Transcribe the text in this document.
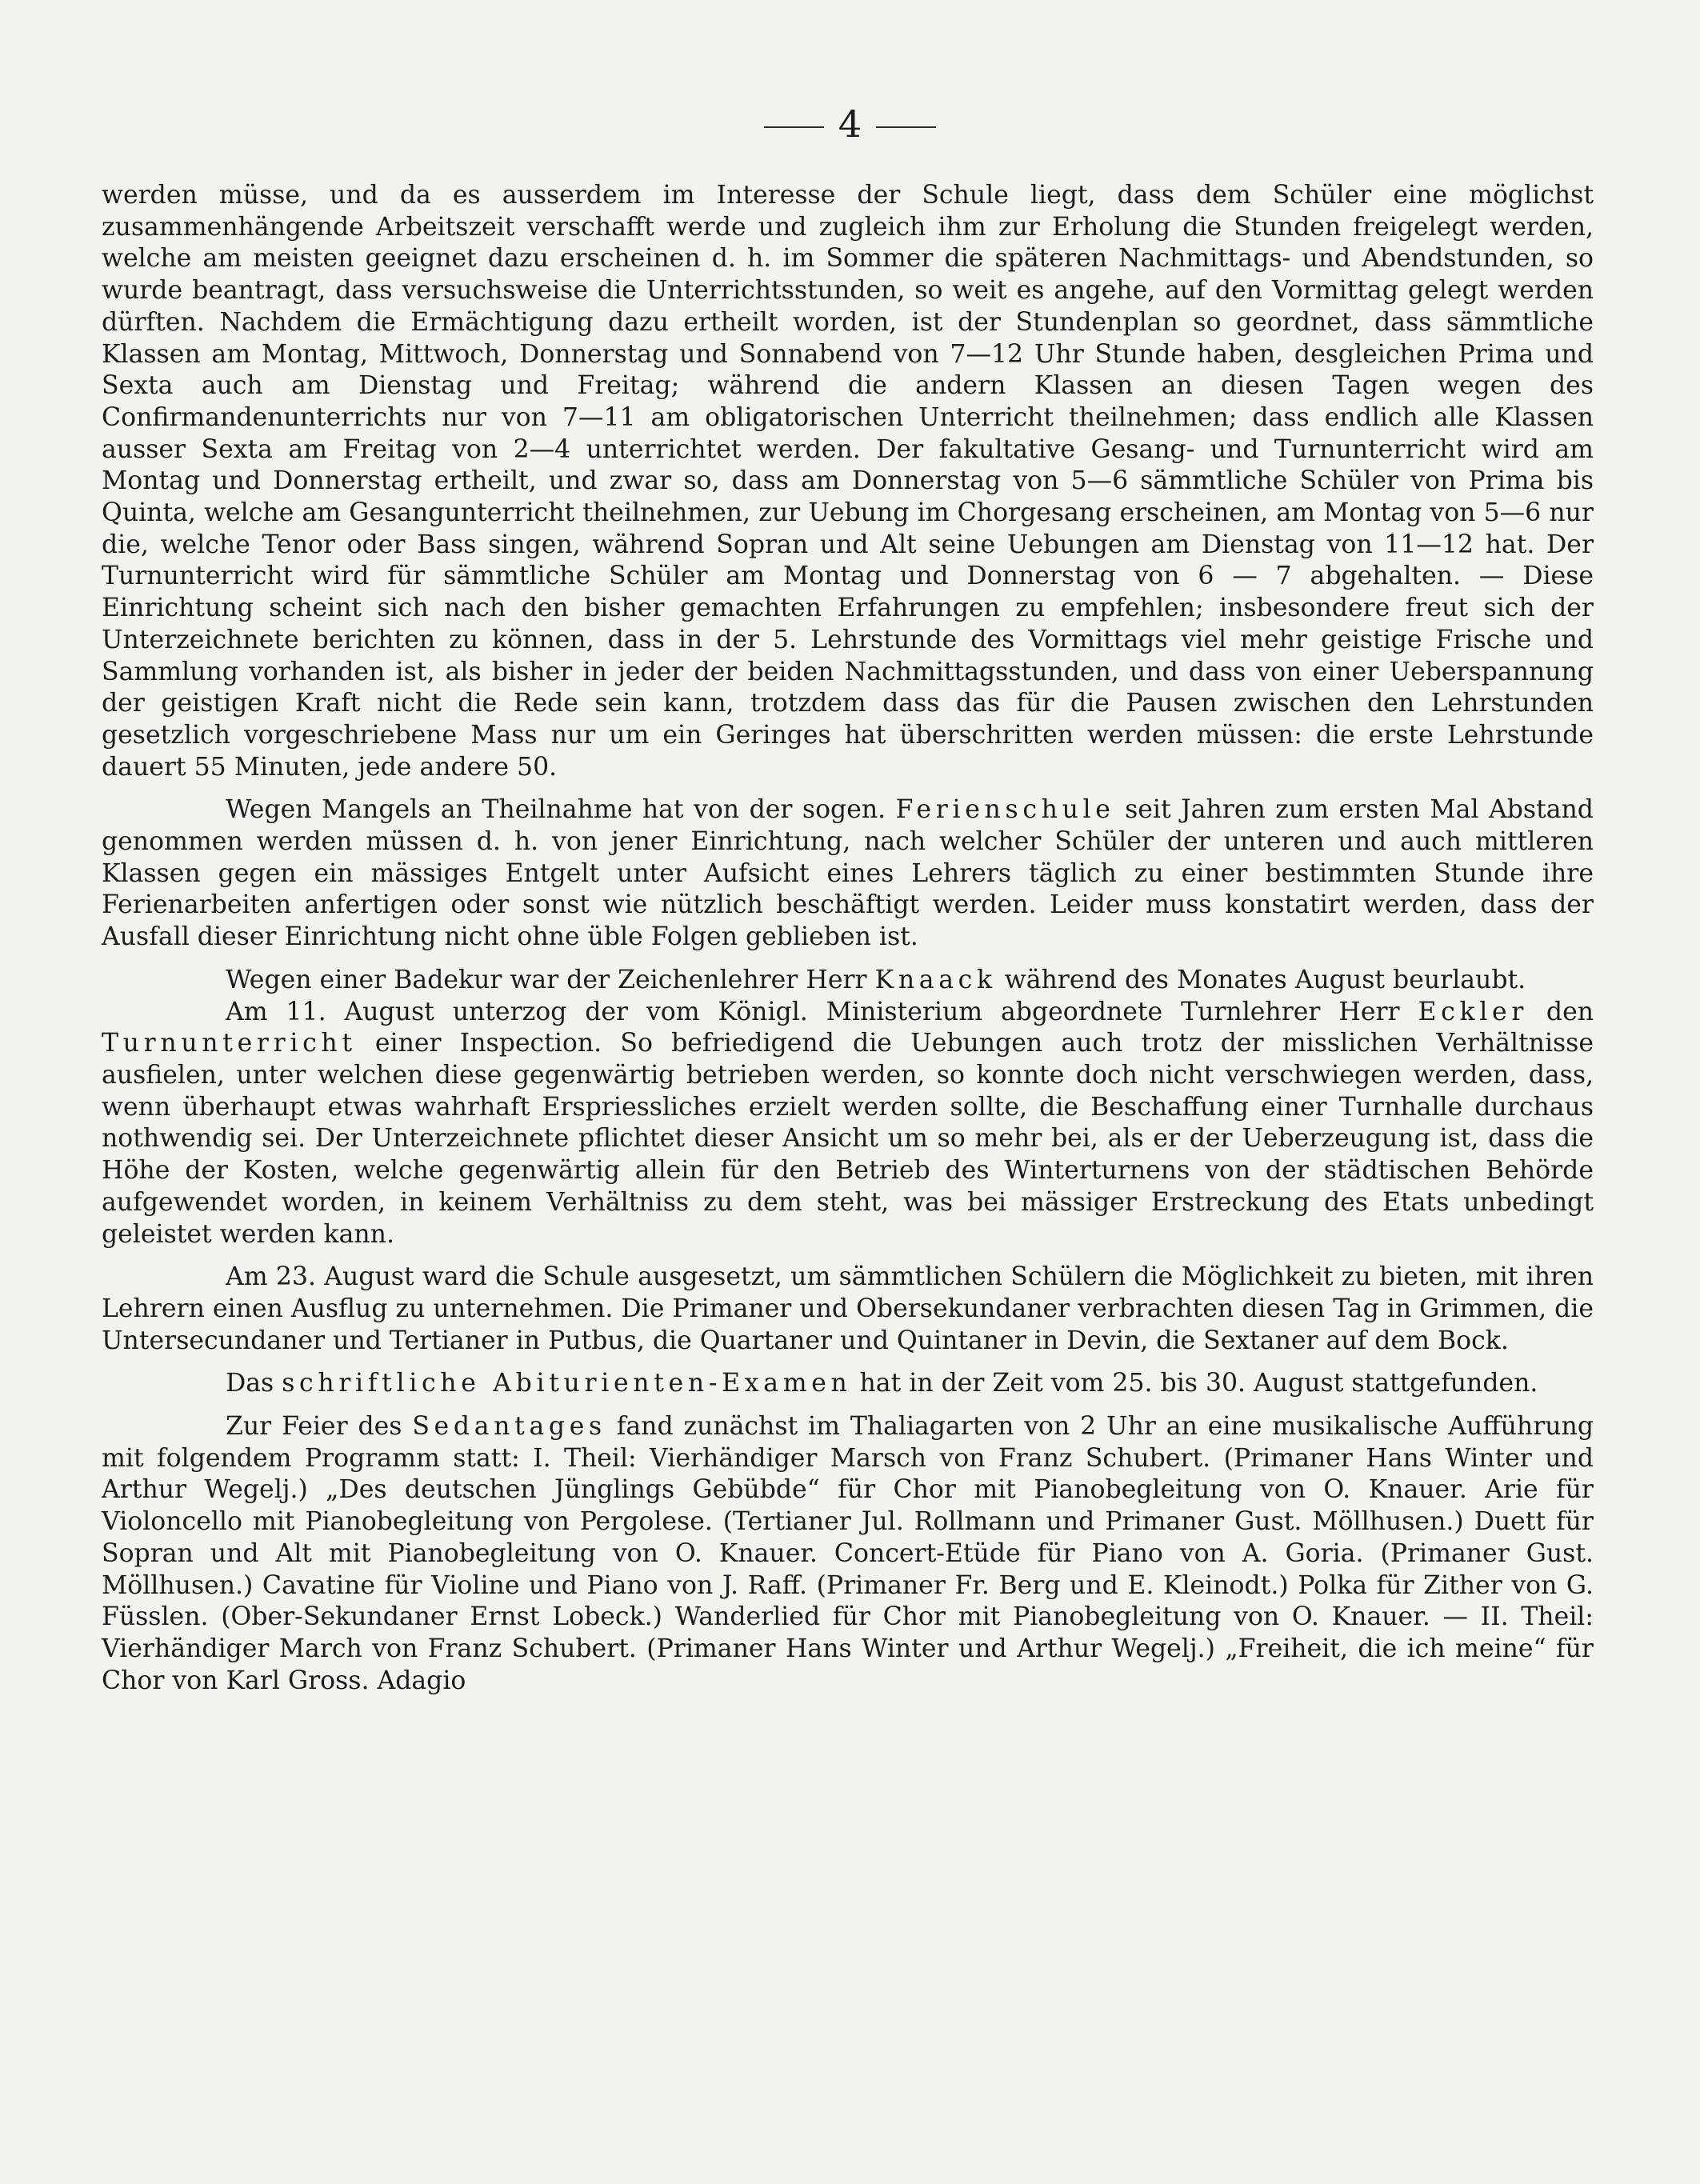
4

werden müsse, und da es ausserdem im Interesse der Schule liegt, dass dem Schüler eine möglichst zusammenhängende Arbeitszeit verschafft werde und zugleich ihm zur Erholung die Stunden freigelegt werden, welche am meisten geeignet dazu erscheinen d. h. im Sommer die späteren Nachmittags- und Abendstunden, so wurde beantragt, dass versuchsweise die Unterrichtsstunden, so weit es angehe, auf den Vormittag gelegt werden dürften. Nachdem die Ermächtigung dazu ertheilt worden, ist der Stundenplan so geordnet, dass sämmtliche Klassen am Montag, Mittwoch, Donnerstag und Sonnabend von 7—12 Uhr Stunde haben, desgleichen Prima und Sexta auch am Dienstag und Freitag; während die andern Klassen an diesen Tagen wegen des Confirmandenunterrichts nur von 7—11 am obligatorischen Unterricht theilnehmen; dass endlich alle Klassen ausser Sexta am Freitag von 2—4 unterrichtet werden. Der fakultative Gesang- und Turnunterricht wird am Montag und Donnerstag ertheilt, und zwar so, dass am Donnerstag von 5—6 sämmtliche Schüler von Prima bis Quinta, welche am Gesangunterricht theilnehmen, zur Uebung im Chorgesang erscheinen, am Montag von 5—6 nur die, welche Tenor oder Bass singen, während Sopran und Alt seine Uebungen am Dienstag von 11—12 hat. Der Turnunterricht wird für sämmtliche Schüler am Montag und Donnerstag von 6 — 7 abgehalten. — Diese Einrichtung scheint sich nach den bisher gemachten Erfahrungen zu empfehlen; insbesondere freut sich der Unterzeichnete berichten zu können, dass in der 5. Lehrstunde des Vormittags viel mehr geistige Frische und Sammlung vorhanden ist, als bisher in jeder der beiden Nachmittagsstunden, und dass von einer Ueberspannung der geistigen Kraft nicht die Rede sein kann, trotzdem dass das für die Pausen zwischen den Lehrstunden gesetzlich vorgeschriebene Mass nur um ein Geringes hat überschritten werden müssen: die erste Lehrstunde dauert 55 Minuten, jede andere 50.

Wegen Mangels an Theilnahme hat von der sogen. Ferienschule seit Jahren zum ersten Mal Abstand genommen werden müssen d. h. von jener Einrichtung, nach welcher Schüler der unteren und auch mittleren Klassen gegen ein mässiges Entgelt unter Aufsicht eines Lehrers täglich zu einer bestimmten Stunde ihre Ferienarbeiten anfertigen oder sonst wie nützlich beschäftigt werden. Leider muss konstatirt werden, dass der Ausfall dieser Einrichtung nicht ohne üble Folgen geblieben ist.

Wegen einer Badekur war der Zeichenlehrer Herr Knaack während des Monates August beurlaubt.

Am 11. August unterzog der vom Königl. Ministerium abgeordnete Turnlehrer Herr Eckler den Turnunterricht einer Inspection. So befriedigend die Uebungen auch trotz der misslichen Verhältnisse ausfielen, unter welchen diese gegenwärtig betrieben werden, so konnte doch nicht verschwiegen werden, dass, wenn überhaupt etwas wahrhaft Erspriessliches erzielt werden sollte, die Beschaffung einer Turnhalle durchaus nothwendig sei. Der Unterzeichnete pflichtet dieser Ansicht um so mehr bei, als er der Ueberzeugung ist, dass die Höhe der Kosten, welche gegenwärtig allein für den Betrieb des Winterturnens von der städtischen Behörde aufgewendet worden, in keinem Verhältniss zu dem steht, was bei mässiger Erstreckung des Etats unbedingt geleistet werden kann.

Am 23. August ward die Schule ausgesetzt, um sämmtlichen Schülern die Möglichkeit zu bieten, mit ihren Lehrern einen Ausflug zu unternehmen. Die Primaner und Obersekundaner verbrachten diesen Tag in Grimmen, die Untersecundaner und Tertianer in Putbus, die Quartaner und Quintaner in Devin, die Sextaner auf dem Bock.

Das schriftliche Abiturienten-Examen hat in der Zeit vom 25. bis 30. August stattgefunden.

Zur Feier des Sedantages fand zunächst im Thaliagarten von 2 Uhr an eine musikalische Aufführung mit folgendem Programm statt: I. Theil: Vierhändiger Marsch von Franz Schubert. (Primaner Hans Winter und Arthur Wegelj.) „Des deutschen Jünglings Gebübde“ für Chor mit Pianobegleitung von O. Knauer. Arie für Violoncello mit Pianobegleitung von Pergolese. (Tertianer Jul. Rollmann und Primaner Gust. Möllhusen.) Duett für Sopran und Alt mit Pianobegleitung von O. Knauer. Concert-Etüde für Piano von A. Goria. (Primaner Gust. Möllhusen.) Cavatine für Violine und Piano von J. Raff. (Primaner Fr. Berg und E. Kleinodt.) Polka für Zither von G. Füsslen. (Ober-Sekundaner Ernst Lobeck.) Wanderlied für Chor mit Pianobegleitung von O. Knauer. — II. Theil: Vierhändiger March von Franz Schubert. (Primaner Hans Winter und Arthur Wegelj.) „Freiheit, die ich meine“ für Chor von Karl Gross. Adagio
